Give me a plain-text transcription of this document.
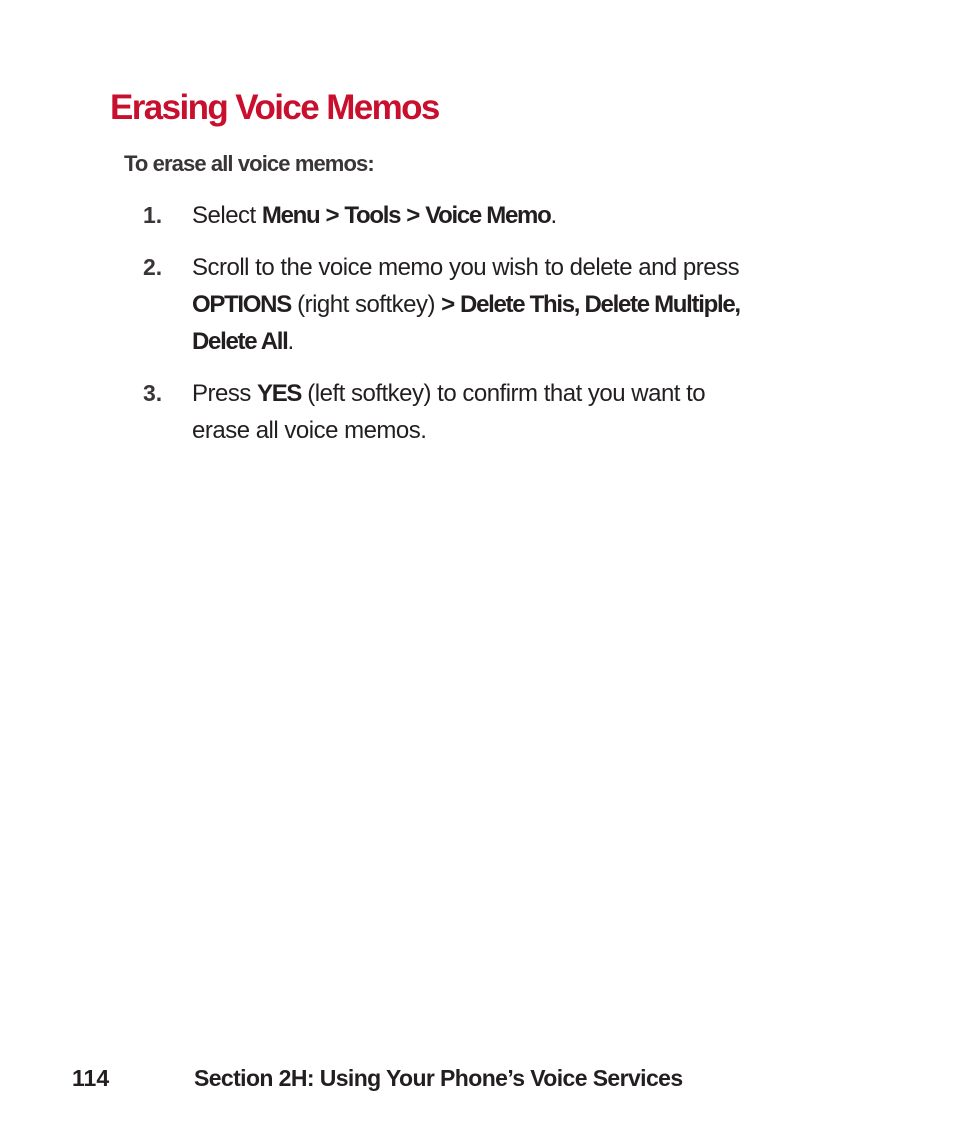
Erasing Voice Memos

To erase all voice memos:

1. Select Menu > Tools > Voice Memo.
2. Scroll to the voice memo you wish to delete and press
OPTIONS (right softkey) > Delete This, Delete Multiple,
Delete All.
3. Press YES (left softkey) to confirm that you want to
erase all voice memos.
114	Section 2H: Using Your Phone’s Voice Services
